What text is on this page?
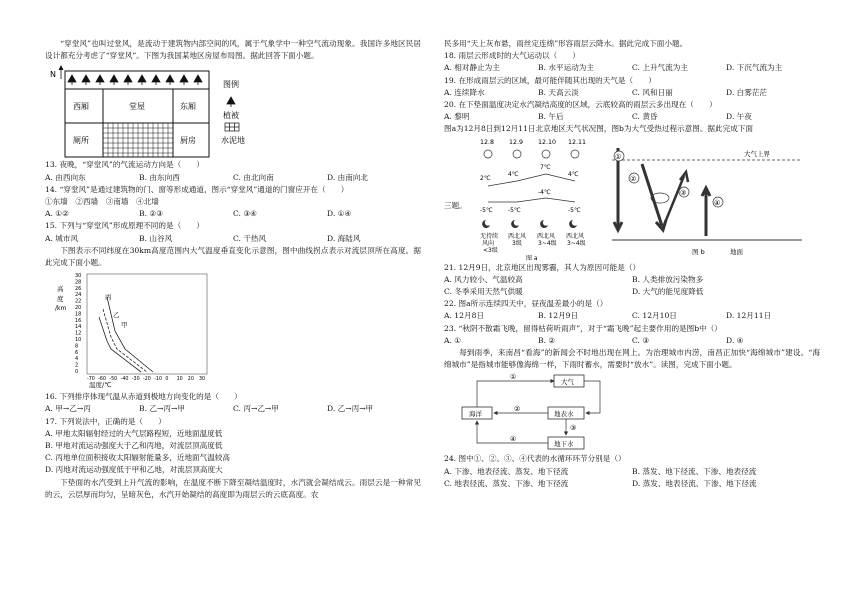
“穿堂风”也叫过堂风，是流动于建筑物内部空间的风，属于气象学中一种空气流动现象。我国许多地区民居设计都充分考虑了“穿堂风”。下图为我国某地区房屋布局图。据此回答下面小题。

N
西厢	堂屋	东厢
厕所	厨房
图例
植被
水泥地

13. 夜晚，“穿堂风”的气流运动方向是（　　）

A. 由西向东	B. 由东向西	C. 由北向南	D. 由南向北

14. “穿堂风”是通过建筑物的门、窗等形成通道，图示“穿堂风”通道的门窗应开在（　　）

①东墙　②西墙　③南墙　④北墙

A. ①②	B. ②③	C. ③④	D. ①④

15. 下列与“穿堂风”形成原理不同的是（　　）

A. 城市风	B. 山谷风	C. 干热风	D. 海陆风

下图表示不同纬度在30km高度范围内大气温度垂直变化示意图，图中曲线拐点表示对流层顶所在高度。据此完成下面小题。

高
度
/km
30
28
26
24
22
20
18
16
14
12
10
8
6
4
2
0
-70 -60 -50 -40 -30 -20 -10 0 10 20 30
丙
乙
甲
温度/℃

16. 下列排序体现气温从赤道到极地方向变化的是（　　）

A. 甲→乙→丙	B. 乙→丙→甲	C. 丙→乙→甲	D. 乙→丙→甲

17. 下列说法中，正确的是（　　）

A. 甲地太阳辐射经过的大气层路程短，近地面温度低

B. 甲地对流运动强度大于乙和丙地，对流层顶高度低

C. 丙地单位面积接收太阳辐射能量多，近地面气温较高

D. 丙地对流运动强度低于甲和乙地，对流层顶高度大

下垫面的水汽受到上升气流的影响，在温度不断下降至凝结温度时，水汽就会凝结成云。雨层云是一种常见的云，云层厚而均匀，呈暗灰色，水汽开始凝结的高度即为雨层云的云底高度。农

民多用“天上灰布悬，雨丝定连绵”形容雨层云降水。据此完成下面小题。

18. 雨层云形成时的大气运动以（　　）

A. 相对静止为主	B. 水平运动为主	C. 上升气流为主	D. 下沉气流为主

19. 在形成雨层云的区域，最可能伴随其出现的天气是（　　）

A. 连续降水	B. 天高云淡	C. 风和日丽	D. 白雾茫茫

20. 在下垫面温度决定水汽凝结高度的区域，云底较高的雨层云多出现在（　　）

A. 黎明	B. 午后	C. 黄昏	D. 午夜

图a为12月8日到12月11日北京地区天气状况图，图b为大气受热过程示意图。据此完成下面

三题。
12.8 12.9 12.10 12.11
2℃
4℃
7℃
4℃
-4℃
-5℃	-5℃	-5℃
无持续 西北风 西北风 西北风
风向	3级	3~4级 3~4级
<3级
图 a
大气上界
地面
①
②
③
④
图 b

21. 12月9日，北京地区出现雾霾，其人为原因可能是（）

A. 风力较小、气温较高	B. 人类排放污染物多
C. 冬季采用天然气供暖	D. 大气的能见度降低

22. 图a所示连续四天中，昼夜温差最小的是（）

A. 12月8日	B. 12月9日	C. 12月10日	D. 12月11日

23. “秋阴不散霜飞晚，留得枯荷听雨声”，对于“霜飞晚”起主要作用的是图b中（）

A. ①	B. ②	C. ③	D. ④

每到雨季，来南昌“看海”的新闻会不时地出现在网上。为治理城市内涝，南昌正加快“海绵城市”建设。“海绵城市”是指城市能够像海绵一样，下雨时蓄水，需要时“放水”。读图，完成下面小题。

大气
海洋	地表水
地下水
①
②
③
④

24. 图中①、②、③、④代表的水循环环节分别是（）

A. 下渗、地表径流、蒸发、地下径流	B. 蒸发、地下径流、下渗、地表径流
C. 地表径流、蒸发、下渗、地下径流	D. 蒸发、地表径流、下渗、地下径流
